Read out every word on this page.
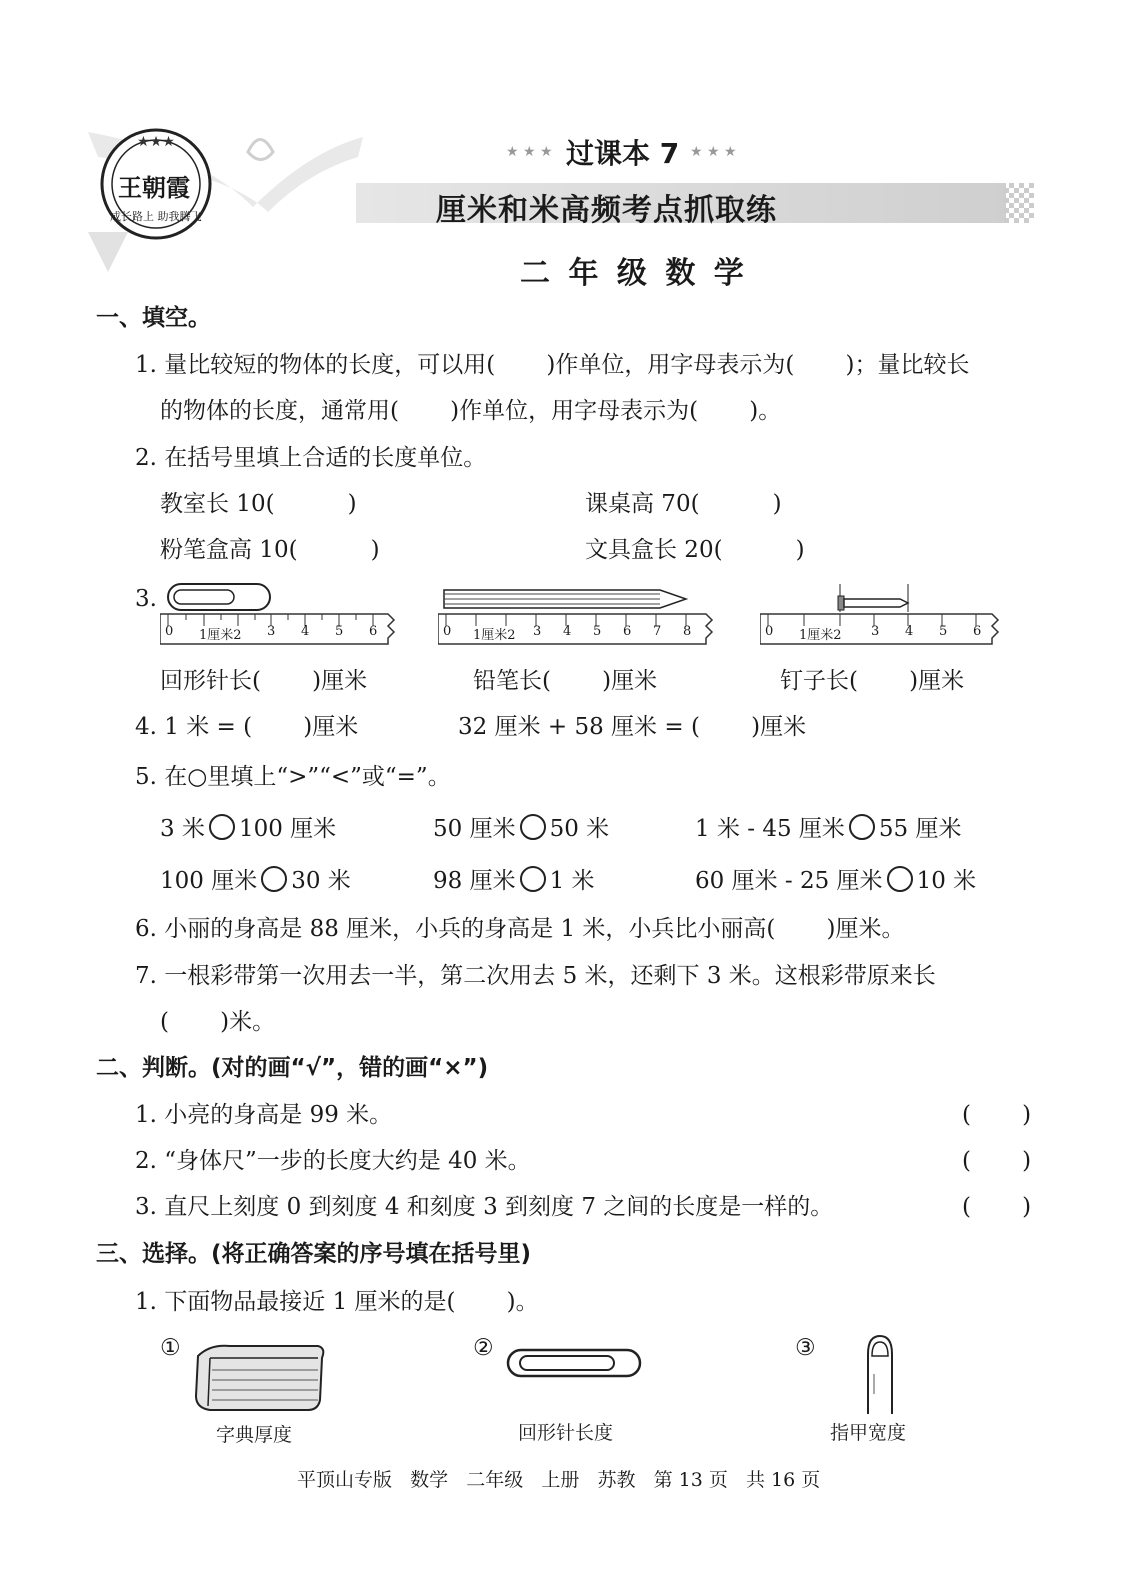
★★★
王朝霞
成长路上 助我腾飞
★ ★ ★ 过课本 7 ★ ★ ★
厘米和米高频考点抓取练
二 年 级 数 学
一、填空。
1. 量比较短的物体的长度，可以用(       )作单位，用字母表示为(       )；量比较长
的物体的长度，通常用(       )作单位，用字母表示为(       )。
2. 在括号里填上合适的长度单位。
教室长 10(          )	课桌高 70(          )
粉笔盒高 10(          )	文具盒长 20(          )
3.
0 1厘米2 3 4 5 6	0 1厘米2 3 4 5 6 7 8	0 1厘米2 3 4 5 6
回形针长(       )厘米	铅笔长(       )厘米	钉子长(       )厘米
4. 1 米 = (       )厘米	32 厘米 + 58 厘米 = (       )厘米
5. 在○里填上“>”“<”或“=”。
3 米 100 厘米	50 厘米 50 米	1 米 - 45 厘米 55 厘米
100 厘米 30 米	98 厘米 1 米	60 厘米 - 25 厘米 10 米
6. 小丽的身高是 88 厘米，小兵的身高是 1 米，小兵比小丽高(       )厘米。
7. 一根彩带第一次用去一半，第二次用去 5 米，还剩下 3 米。这根彩带原来长
(       )米。
二、判断。(对的画“√”，错的画“×”)
1. 小亮的身高是 99 米。	(       )
2. “身体尺”一步的长度大约是 40 米。	(       )
3. 直尺上刻度 0 到刻度 4 和刻度 3 到刻度 7 之间的长度是一样的。	(       )
三、选择。(将正确答案的序号填在括号里)
1. 下面物品最接近 1 厘米的是(       )。
①
字典厚度
②
回形针长度
③
指甲宽度
平顶山专版   数学   二年级   上册   苏教   第 13 页   共 16 页
